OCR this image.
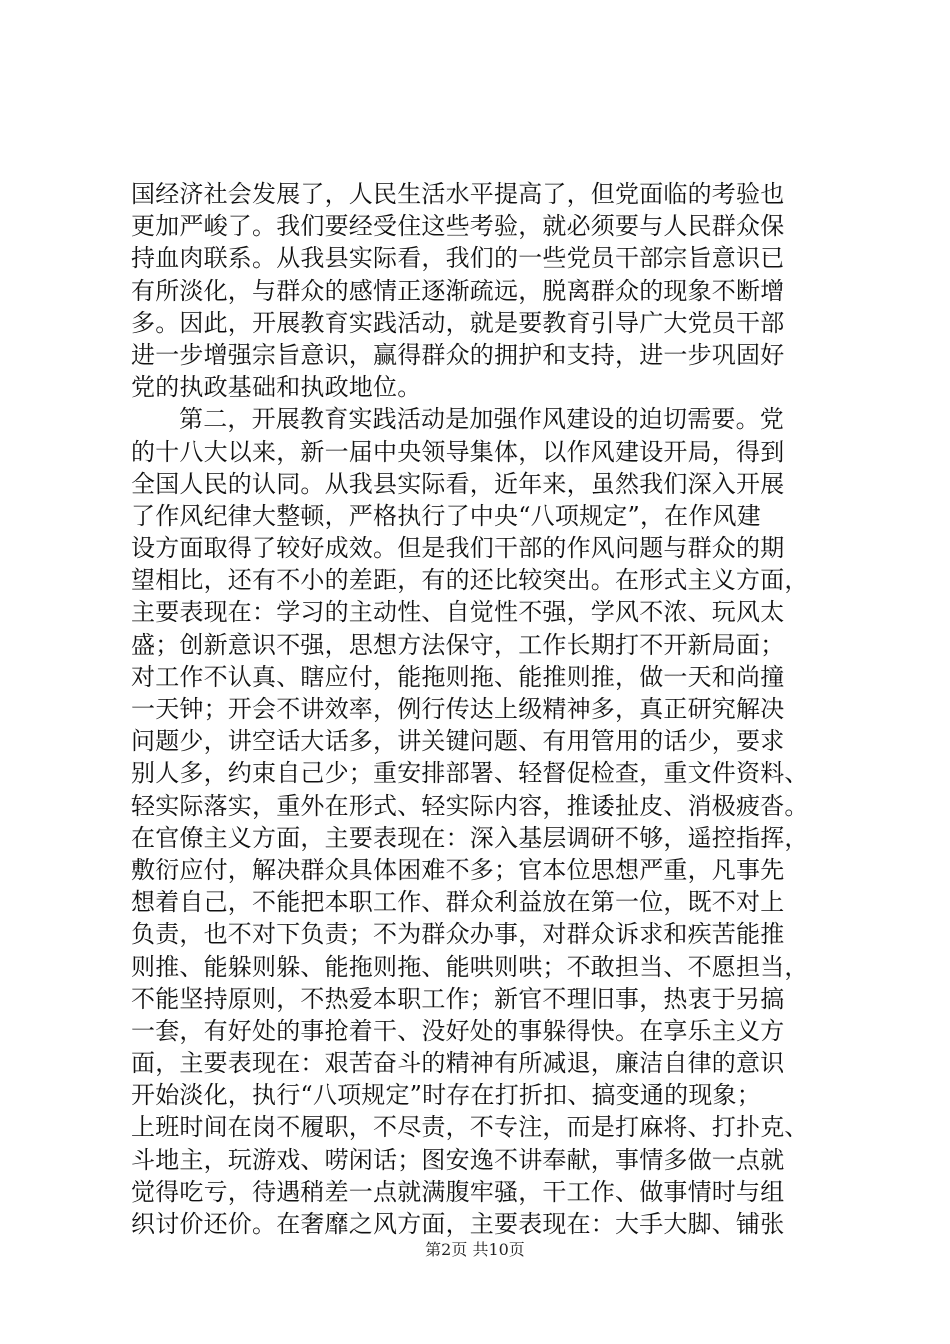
国经济社会发展了，人民生活水平提高了，但党面临的考验也
更加严峻了。我们要经受住这些考验，就必须要与人民群众保
持血肉联系。从我县实际看，我们的一些党员干部宗旨意识已
有所淡化，与群众的感情正逐渐疏远，脱离群众的现象不断增
多。因此，开展教育实践活动，就是要教育引导广大党员干部
进一步增强宗旨意识，赢得群众的拥护和支持，进一步巩固好
党的执政基础和执政地位。
第二，开展教育实践活动是加强作风建设的迫切需要。党
的十八大以来，新一届中央领导集体，以作风建设开局，得到
全国人民的认同。从我县实际看，近年来，虽然我们深入开展
了作风纪律大整顿，严格执行了中央“八项规定”，在作风建
设方面取得了较好成效。但是我们干部的作风问题与群众的期
望相比，还有不小的差距，有的还比较突出。在形式主义方面，
主要表现在：学习的主动性、自觉性不强，学风不浓、玩风太
盛；创新意识不强，思想方法保守，工作长期打不开新局面；
对工作不认真、瞎应付，能拖则拖、能推则推，做一天和尚撞
一天钟；开会不讲效率，例行传达上级精神多，真正研究解决
问题少，讲空话大话多，讲关键问题、有用管用的话少，要求
别人多，约束自己少；重安排部署、轻督促检查，重文件资料、
轻实际落实，重外在形式、轻实际内容，推诿扯皮、消极疲沓。
在官僚主义方面，主要表现在：深入基层调研不够，遥控指挥，
敷衍应付，解决群众具体困难不多；官本位思想严重，凡事先
想着自己，不能把本职工作、群众利益放在第一位，既不对上
负责，也不对下负责；不为群众办事，对群众诉求和疾苦能推
则推、能躲则躲、能拖则拖、能哄则哄；不敢担当、不愿担当，
不能坚持原则，不热爱本职工作；新官不理旧事，热衷于另搞
一套，有好处的事抢着干、没好处的事躲得快。在享乐主义方
面，主要表现在：艰苦奋斗的精神有所减退，廉洁自律的意识
开始淡化，执行“八项规定”时存在打折扣、搞变通的现象；
上班时间在岗不履职，不尽责，不专注，而是打麻将、打扑克、
斗地主，玩游戏、唠闲话；图安逸不讲奉献，事情多做一点就
觉得吃亏，待遇稍差一点就满腹牢骚，干工作、做事情时与组
织讨价还价。在奢靡之风方面，主要表现在：大手大脚、铺张
第2页 共10页
